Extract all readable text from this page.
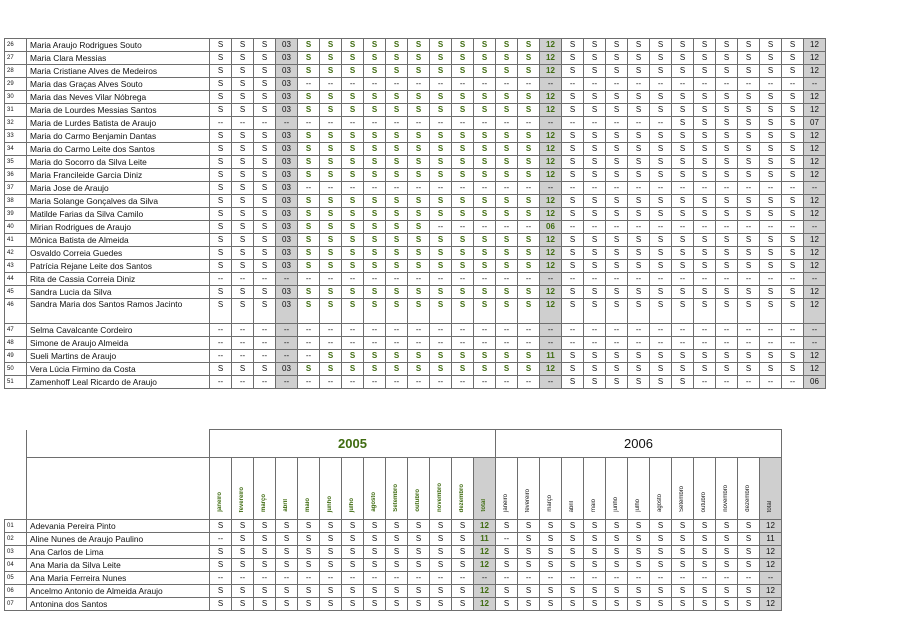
26	Maria Araujo Rodrigues Souto	S	S	S	03	S	S	S	S	S	S	S	S	S	S	S	12	S	S	S	S	S	S	S	S	S	S	S	12
27	Maria Clara Messias	S	S	S	03	S	S	S	S	S	S	S	S	S	S	S	12	S	S	S	S	S	S	S	S	S	S	S	12
28	Maria Cristiane Alves de Medeiros	S	S	S	03	S	S	S	S	S	S	S	S	S	S	S	12	S	S	S	S	S	S	S	S	S	S	S	12
29	Maria das Graças Alves Souto	S	S	S	03	--	--	--	--	--	--	--	--	--	--	--	--	--	--	--	--	--	--	--	--	--	--	--	--
30	Maria das Neves Vilar Nóbrega	S	S	S	03	S	S	S	S	S	S	S	S	S	S	S	12	S	S	S	S	S	S	S	S	S	S	S	12
31	Maria de Lourdes Messias Santos	S	S	S	03	S	S	S	S	S	S	S	S	S	S	S	12	S	S	S	S	S	S	S	S	S	S	S	12
32	Maria de Lurdes Batista de Araujo	--	--	--	--	--	--	--	--	--	--	--	--	--	--	--	--	--	--	--	--	--	S	S	S	S	S	S	07
33	Maria do Carmo Benjamin Dantas	S	S	S	03	S	S	S	S	S	S	S	S	S	S	S	12	S	S	S	S	S	S	S	S	S	S	S	12
34	Maria do Carmo Leite dos Santos	S	S	S	03	S	S	S	S	S	S	S	S	S	S	S	12	S	S	S	S	S	S	S	S	S	S	S	12
35	Maria do Socorro da Silva Leite	S	S	S	03	S	S	S	S	S	S	S	S	S	S	S	12	S	S	S	S	S	S	S	S	S	S	S	12
36	Maria Francileide Garcia Diniz	S	S	S	03	S	S	S	S	S	S	S	S	S	S	S	12	S	S	S	S	S	S	S	S	S	S	S	12
37	Maria Jose de Araujo	S	S	S	03	--	--	--	--	--	--	--	--	--	--	--	--	--	--	--	--	--	--	--	--	--	--	--	--
38	Maria Solange Gonçalves da Silva	S	S	S	03	S	S	S	S	S	S	S	S	S	S	S	12	S	S	S	S	S	S	S	S	S	S	S	12
39	Matilde Farias da Silva Camilo	S	S	S	03	S	S	S	S	S	S	S	S	S	S	S	12	S	S	S	S	S	S	S	S	S	S	S	12
40	Mirian Rodrigues de Araujo	S	S	S	03	S	S	S	S	S	S	--	--	--	--	--	06	--	--	--	--	--	--	--	--	--	--	--	--
41	Mônica Batista de Almeida	S	S	S	03	S	S	S	S	S	S	S	S	S	S	S	12	S	S	S	S	S	S	S	S	S	S	S	12
42	Osvaldo Correia Guedes	S	S	S	03	S	S	S	S	S	S	S	S	S	S	S	12	S	S	S	S	S	S	S	S	S	S	S	12
43	Patrícia Rejane Leite dos Santos	S	S	S	03	S	S	S	S	S	S	S	S	S	S	S	12	S	S	S	S	S	S	S	S	S	S	S	12
44	Rita de Cassia Correia Diniz	--	--	--	--	--	--	--	--	--	--	--	--	--	--	--	--	--	--	--	--	--	--	--	--	--	--	--	--
45	Sandra Lucia da Silva	S	S	S	03	S	S	S	S	S	S	S	S	S	S	S	12	S	S	S	S	S	S	S	S	S	S	S	12
46	Sandra Maria dos Santos Ramos Jacinto	S	S	S	03	S	S	S	S	S	S	S	S	S	S	S	12	S	S	S	S	S	S	S	S	S	S	S	12
47	Selma Cavalcante Cordeiro	--	--	--	--	--	--	--	--	--	--	--	--	--	--	--	--	--	--	--	--	--	--	--	--	--	--	--	--
48	Simone de Araujo Almeida	--	--	--	--	--	--	--	--	--	--	--	--	--	--	--	--	--	--	--	--	--	--	--	--	--	--	--	--
49	Sueli Martins de Araujo	--	--	--	--	--	S	S	S	S	S	S	S	S	S	S	11	S	S	S	S	S	S	S	S	S	S	S	12
50	Vera Lúcia Firmino da Costa	S	S	S	03	S	S	S	S	S	S	S	S	S	S	S	12	S	S	S	S	S	S	S	S	S	S	S	12
51	Zamenhoff Leal Ricardo de Araujo	--	--	--	--	--	--	--	--	--	--	--	--	--	--	--	--	S	S	S	S	S	S	--	--	--	--	--	06
		2005													2006												
		janeiro	fevereiro	março	abril	maio	junho	julho	agosto	Setembro	outubro	novembro	dezembro	total	janeiro	fevereiro	março	abril	maio	junho	julho	agosto	Setembro	outubro	novembro	dezembro	total
01	Adevania Pereira Pinto	S	S	S	S	S	S	S	S	S	S	S	S	12	S	S	S	S	S	S	S	S	S	S	S	S	12
02	Aline Nunes de Araujo Paulino	--	S	S	S	S	S	S	S	S	S	S	S	11	--	S	S	S	S	S	S	S	S	S	S	S	11
03	Ana Carlos de Lima	S	S	S	S	S	S	S	S	S	S	S	S	12	S	S	S	S	S	S	S	S	S	S	S	S	12
04	Ana Maria da Silva Leite	S	S	S	S	S	S	S	S	S	S	S	S	12	S	S	S	S	S	S	S	S	S	S	S	S	12
05	Ana Maria Ferreira Nunes	--	--	--	--	--	--	--	--	--	--	--	--	--	--	--	--	--	--	--	--	--	--	--	--	--	--
06	Ancelmo Antonio de Almeida Araujo	S	S	S	S	S	S	S	S	S	S	S	S	12	S	S	S	S	S	S	S	S	S	S	S	S	12
07	Antonina dos Santos	S	S	S	S	S	S	S	S	S	S	S	S	12	S	S	S	S	S	S	S	S	S	S	S	S	12
